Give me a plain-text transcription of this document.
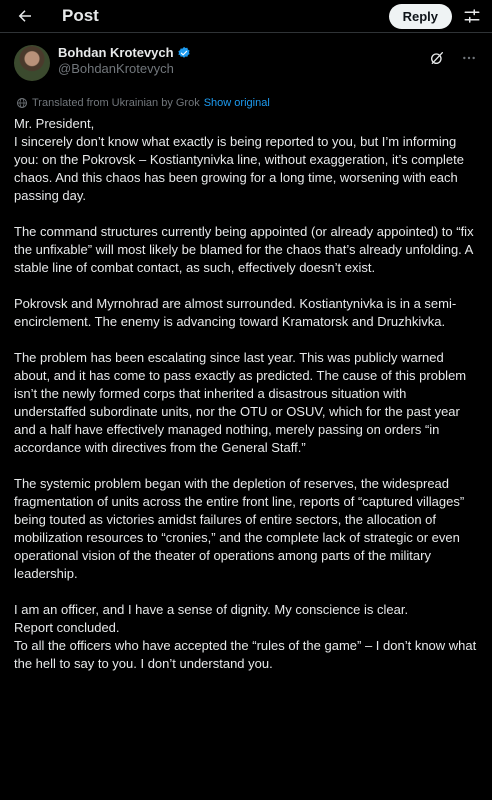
Post	Reply
Bohdan Krotevych
@BohdanKrotevych
Translated from Ukrainian by Grok Show original

Mr. President,

I sincerely don’t know what exactly is being reported to you, but I’m informing you: on the Pokrovsk – Kostiantynivka line, without exaggeration, it’s complete chaos. And this chaos has been growing for a long time, worsening with each passing day.

The command structures currently being appointed (or already appointed) to “fix the unfixable” will most likely be blamed for the chaos that’s already unfolding. A stable line of combat contact, as such, effectively doesn’t exist.

Pokrovsk and Myrnohrad are almost surrounded. Kostiantynivka is in a semi-encirclement. The enemy is advancing toward Kramatorsk and Druzhkivka.

The problem has been escalating since last year. This was publicly warned about, and it has come to pass exactly as predicted. The cause of this problem isn’t the newly formed corps that inherited a disastrous situation with understaffed subordinate units, nor the OTU or OSUV, which for the past year and a half have effectively managed nothing, merely passing on orders “in accordance with directives from the General Staff.”

The systemic problem began with the depletion of reserves, the widespread fragmentation of units across the entire front line, reports of “captured villages” being touted as victories amidst failures of entire sectors, the allocation of mobilization resources to “cronies,” and the complete lack of strategic or even operational vision of the theater of operations among parts of the military leadership.

I am an officer, and I have a sense of dignity. My conscience is clear.

Report concluded.

To all the officers who have accepted the “rules of the game” – I don’t know what the hell to say to you. I don’t understand you.
